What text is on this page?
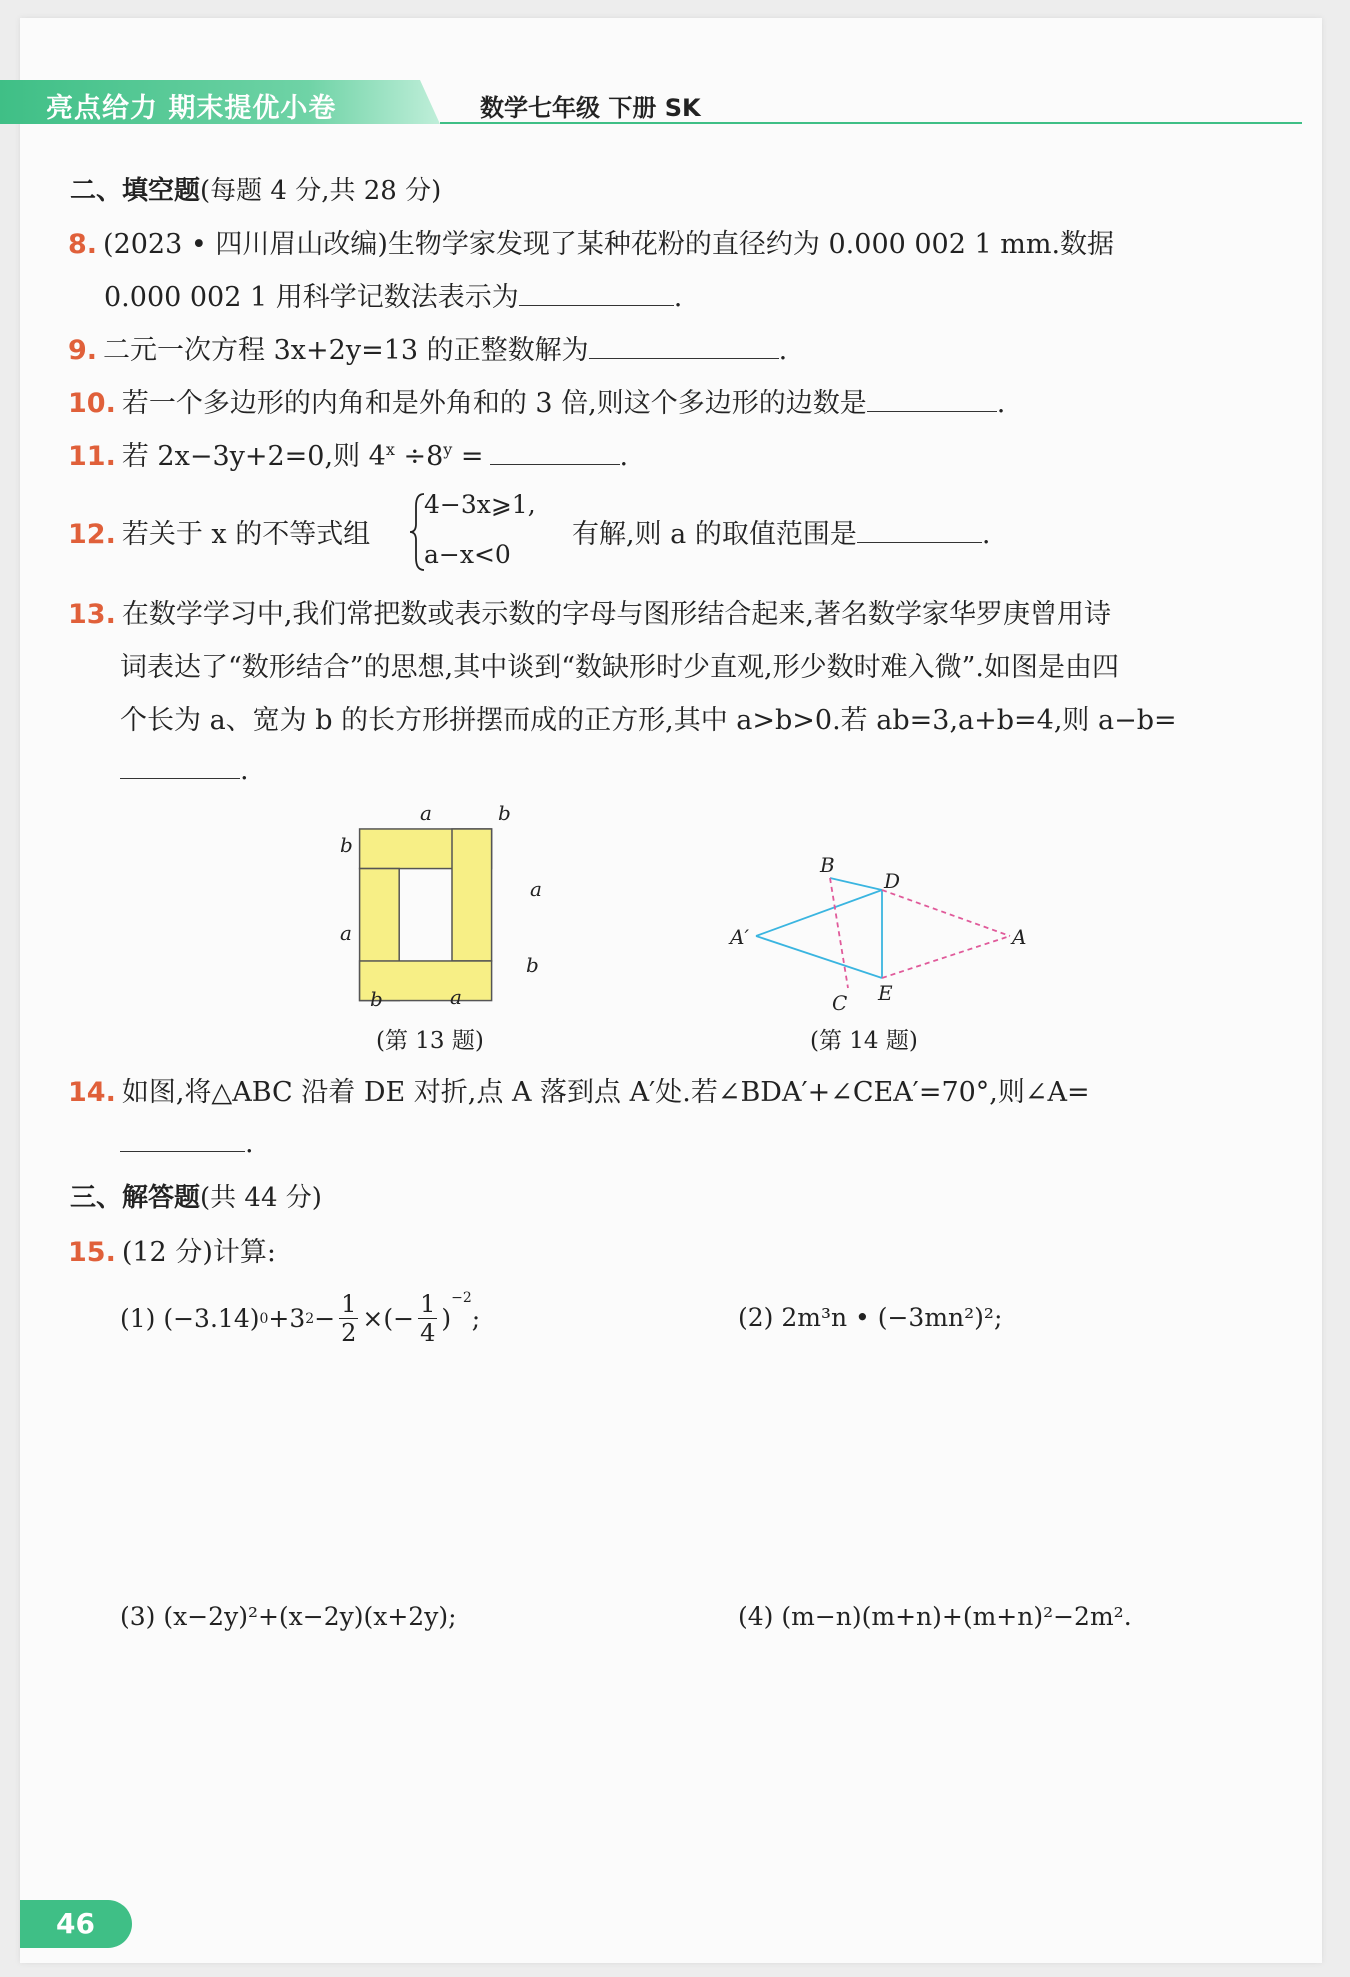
亮点给力 期末提优小卷	数学七年级 下册 SK
二、填空题(每题 4 分,共 28 分)
8. (2023 • 四川眉山改编)生物学家发现了某种花粉的直径约为 0.000 002 1 mm.数据
0.000 002 1 用科学记数法表示为	.
9. 二元一次方程 3x+2y=13 的正整数解为	.
10. 若一个多边形的内角和是外角和的 3 倍,则这个多边形的边数是	.
11. 若 2x−3y+2=0,则 $4^x \div 8^y$ =	.
12. 若关于 x 的不等式组
4−3x⩾1,
a−x<0
有解,则 a 的取值范围是	.
13. 在数学学习中,我们常把数或表示数的字母与图形结合起来,著名数学家华罗庚曾用诗
词表达了“数形结合”的思想,其中谈到“数缺形时少直观,形少数时难入微”.如图是由四
个长为 a、宽为 b 的长方形拼摆而成的正方形,其中 a>b>0.若 ab=3,a+b=4,则 a−b=
.
a	b
b
a
a
b
b	a
(第 13 题)
B
D
A′	A
C E
(第 14 题)
14. 如图,将△ABC 沿着 DE 对折,点 A 落到点 A′处.若∠BDA′+∠CEA′=70°,则∠A=
.
三、解答题(共 44 分)
15. (12 分)计算:
(1) (−3.14) 0 +3 $2 - \frac{1}{2}$ ×(− $\frac{1}{4}$ )
$^{-2}$
;	(2) 2m³n • (−3mn²)²;
(3) (x−2y)²+(x−2y)(x+2y);	(4) (m−n)(m+n)+(m+n)²−2m².
46
